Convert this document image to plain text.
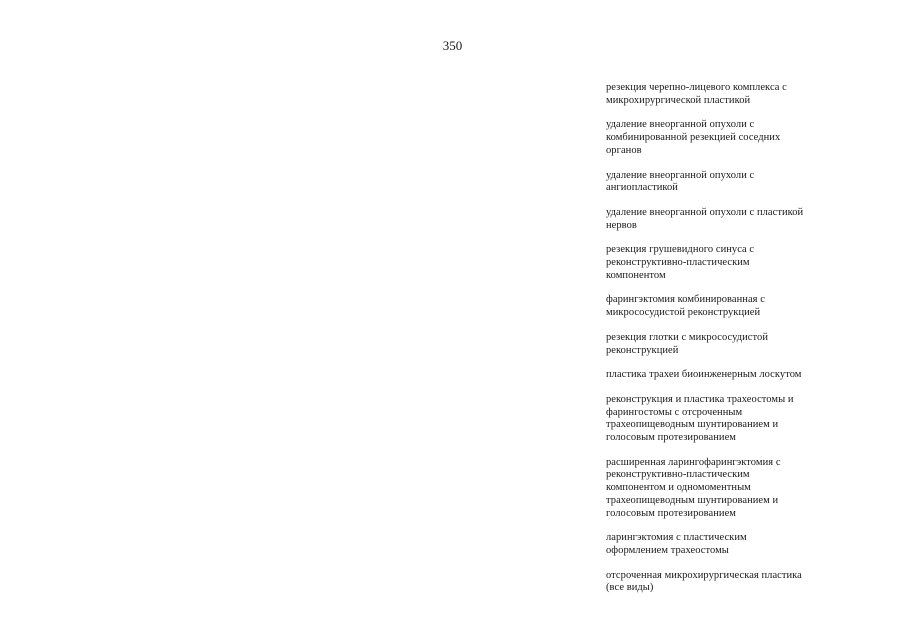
350
резекция черепно-лицевого комплекса с
микрохирургической пластикой
удаление внеорганной опухоли с
комбинированной резекцией соседних
органов
удаление внеорганной опухоли с
ангиопластикой
удаление внеорганной опухоли с пластикой
нервов
резекция грушевидного синуса с
реконструктивно-пластическим
компонентом
фарингэктомия комбинированная с
микрососудистой реконструкцией
резекция глотки с микрососудистой
реконструкцией
пластика трахеи биоинженерным лоскутом
реконструкция и пластика трахеостомы и
фарингостомы с отсроченным
трахеопищеводным шунтированием и
голосовым протезированием
расширенная ларингофарингэктомия с
реконструктивно-пластическим
компонентом и одномоментным
трахеопищеводным шунтированием и
голосовым протезированием
ларингэктомия с пластическим
оформлением трахеостомы
отсроченная микрохирургическая пластика
(все виды)
